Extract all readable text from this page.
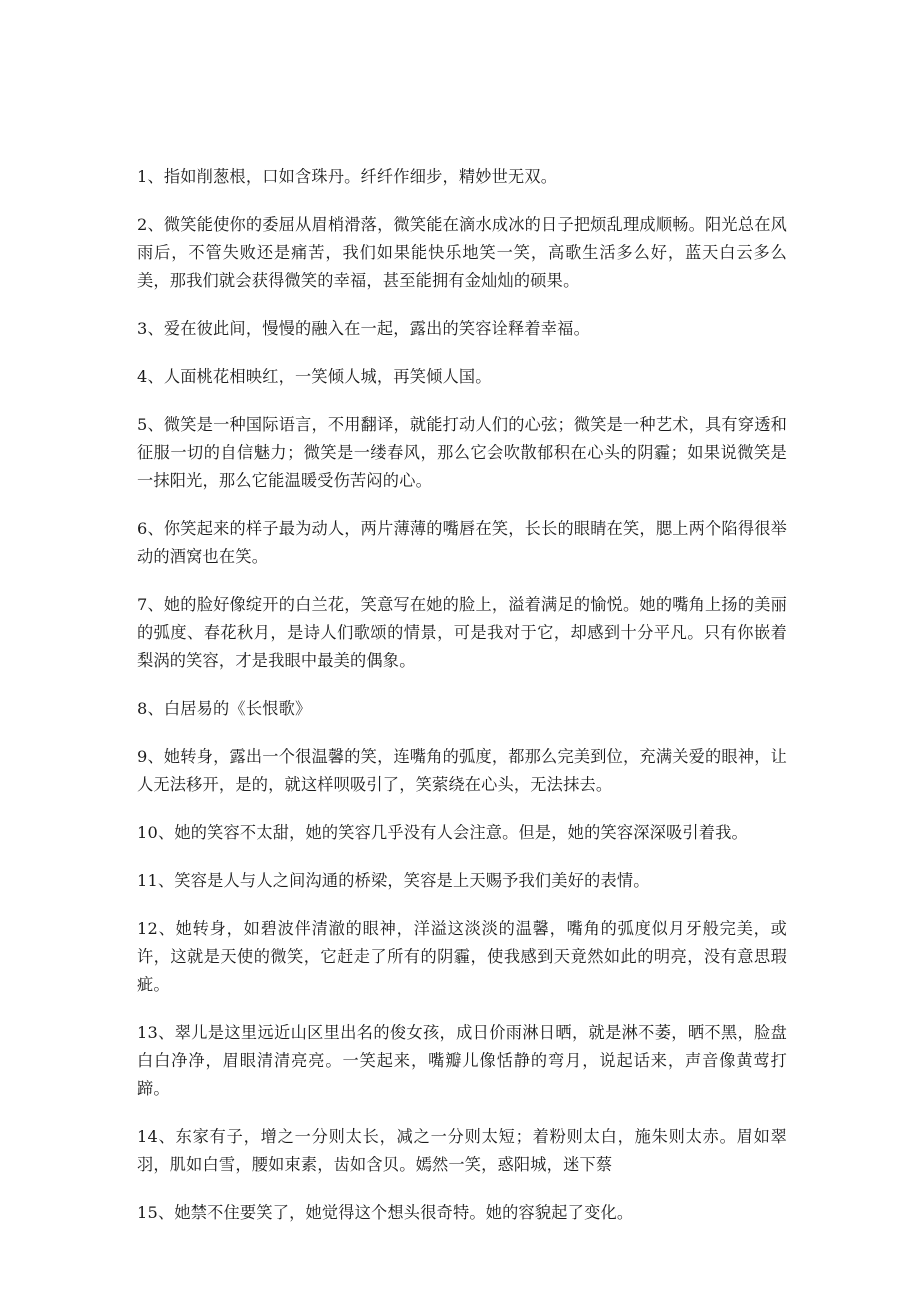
1、指如削葱根，口如含珠丹。纤纤作细步，精妙世无双。

2、微笑能使你的委屈从眉梢滑落，微笑能在滴水成冰的日子把烦乱理成顺畅。阳光总在风雨后，不管失败还是痛苦，我们如果能快乐地笑一笑，高歌生活多么好，蓝天白云多么美，那我们就会获得微笑的幸福，甚至能拥有金灿灿的硕果。

3、爱在彼此间，慢慢的融入在一起，露出的笑容诠释着幸福。

4、人面桃花相映红，一笑倾人城，再笑倾人国。

5、微笑是一种国际语言，不用翻译，就能打动人们的心弦；微笑是一种艺术，具有穿透和征服一切的自信魅力；微笑是一缕春风，那么它会吹散郁积在心头的阴霾；如果说微笑是一抹阳光，那么它能温暖受伤苦闷的心。

6、你笑起来的样子最为动人，两片薄薄的嘴唇在笑，长长的眼睛在笑，腮上两个陷得很举动的酒窝也在笑。

7、她的脸好像绽开的白兰花，笑意写在她的脸上，溢着满足的愉悦。她的嘴角上扬的美丽的弧度、春花秋月，是诗人们歌颂的情景，可是我对于它，却感到十分平凡。只有你嵌着梨涡的笑容，才是我眼中最美的偶象。

8、白居易的《长恨歌》

9、她转身，露出一个很温馨的笑，连嘴角的弧度，都那么完美到位，充满关爱的眼神，让人无法移开，是的，就这样呗吸引了，笑萦绕在心头，无法抹去。

10、她的笑容不太甜，她的笑容几乎没有人会注意。但是，她的笑容深深吸引着我。

11、笑容是人与人之间沟通的桥梁，笑容是上天赐予我们美好的表情。

12、她转身，如碧波伴清澈的眼神，洋溢这淡淡的温馨，嘴角的弧度似月牙般完美，或许，这就是天使的微笑，它赶走了所有的阴霾，使我感到天竟然如此的明亮，没有意思瑕疵。

13、翠儿是这里远近山区里出名的俊女孩，成日价雨淋日晒，就是淋不萎，晒不黑，脸盘白白净净，眉眼清清亮亮。一笑起来，嘴瓣儿像恬静的弯月，说起话来，声音像黄莺打蹄。

14、东家有子，增之一分则太长，减之一分则太短；着粉则太白，施朱则太赤。眉如翠羽，肌如白雪，腰如束素，齿如含贝。嫣然一笑，惑阳城，迷下蔡

15、她禁不住要笑了，她觉得这个想头很奇特。她的容貌起了变化。
